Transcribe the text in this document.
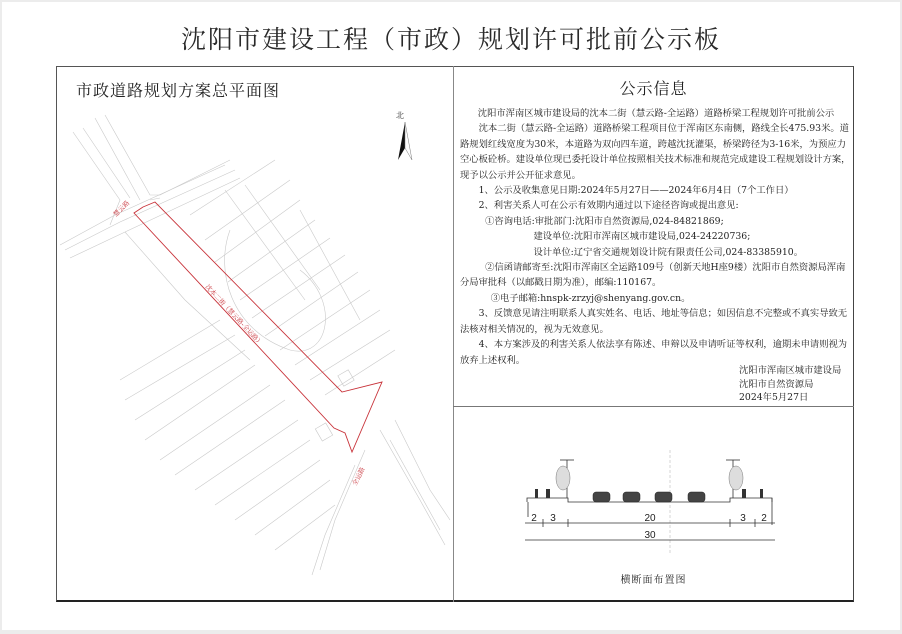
沈阳市建设工程（市政）规划许可批前公示板
市政道路规划方案总平面图
慧云路
沈本二街（慧云路-全运路）
全运路
北
公示信息

沈阳市浑南区城市建设局的沈本二街（慧云路-全运路）道路桥梁工程规划许可批前公示

沈本二街（慧云路-全运路）道路桥梁工程项目位于浑南区东南侧，路线全长475.93米。道路规划红线宽度为30米，本道路为双向四车道，跨越沈抚灌渠，桥梁跨径为3-16米，为预应力空心板砼桥。建设单位现已委托设计单位按照相关技术标准和规范完成建设工程规划设计方案，现予以公示并公开征求意见。

1、公示及收集意见日期:2024年5月27日——2024年6月4日（7个工作日）

2、利害关系人可在公示有效期内通过以下途径咨询或提出意见:

①咨询电话:审批部门:沈阳市自然资源局,024-84821869;

建设单位:沈阳市浑南区城市建设局,024-24220736;

设计单位:辽宁省交通规划设计院有限责任公司,024-83385910。

②信函请邮寄至:沈阳市浑南区全运路109号（创新天地H座9楼）沈阳市自然资源局浑南分局审批科（以邮戳日期为准），邮编:110167。

③电子邮箱:hnspk-zrzyj@shenyang.gov.cn。

3、反馈意见请注明联系人真实姓名、电话、地址等信息；如因信息不完整或不真实导致无法核对相关情况的，视为无效意见。

4、本方案涉及的利害关系人依法享有陈述、申辩以及申请听证等权利，逾期未申请则视为放弃上述权利。

沈阳市浑南区城市建设局
沈阳市自然资源局
2024年5月27日
2 3	20	3 2
30
横断面布置图
